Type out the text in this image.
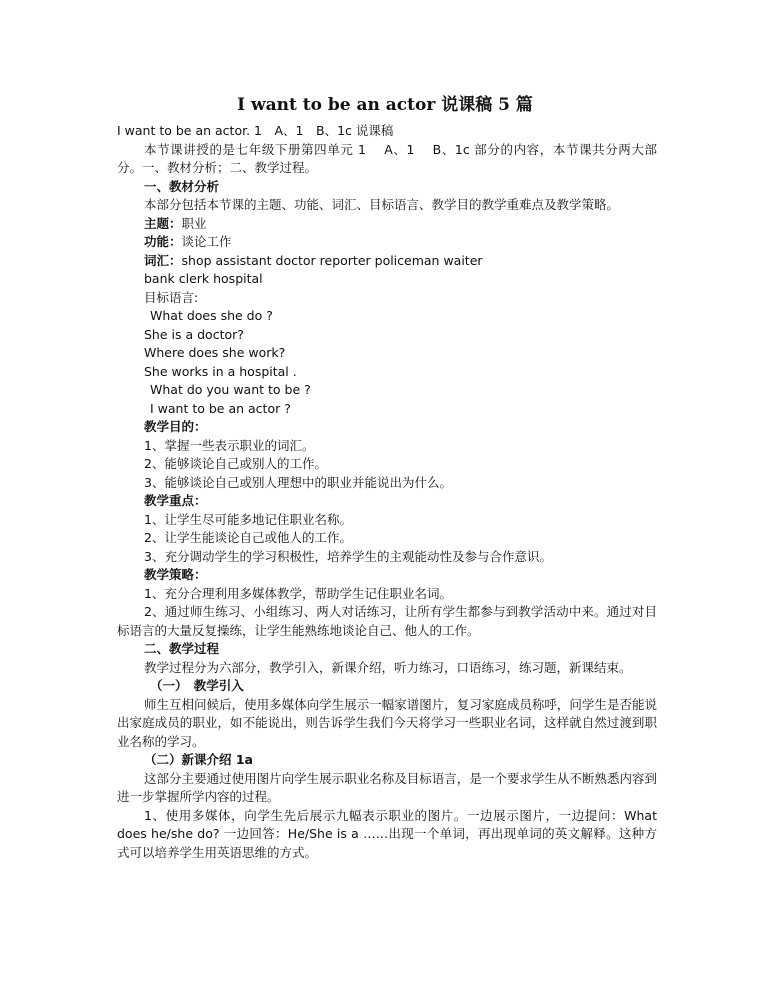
I want to be an actor 说课稿 5 篇

I want to be an actor. 1　A、1　B、1c 说课稿

本节课讲授的是七年级下册第四单元 1　 A、1　 B、1c 部分的内容，本节课共分两大部分。一、教材分析；二、教学过程。

一、教材分析

本部分包括本节课的主题、功能、词汇、目标语言、教学目的教学重难点及教学策略。

主题：职业

功能：谈论工作

词汇：shop assistant doctor reporter policeman waiter

bank clerk hospital

目标语言:

What does she do ?

She is a doctor?

Where does she work?

She works in a hospital .

What do you want to be ?

I want to be an actor ?

教学目的：

1、掌握一些表示职业的词汇。

2、能够谈论自己或别人的工作。

3、能够谈论自己或别人理想中的职业并能说出为什么。

教学重点：

1、让学生尽可能多地记住职业名称。

2、让学生能谈论自己或他人的工作。

3、充分调动学生的学习积极性，培养学生的主观能动性及参与合作意识。

教学策略：

1、充分合理利用多媒体教学，帮助学生记住职业名词。

2、通过师生练习、小组练习、两人对话练习，让所有学生都参与到教学活动中来。通过对目标语言的大量反复操练，让学生能熟练地谈论自己、他人的工作。

二、教学过程

教学过程分为六部分，教学引入，新课介绍，听力练习，口语练习，练习题，新课结束。

（一）　教学引入

师生互相问候后，使用多媒体向学生展示一幅家谱图片，复习家庭成员称呼，问学生是否能说出家庭成员的职业，如不能说出，则告诉学生我们今天将学习一些职业名词，这样就自然过渡到职业名称的学习。

（二）新课介绍 1a

这部分主要通过使用图片向学生展示职业名称及目标语言，是一个要求学生从不断熟悉内容到进一步掌握所学内容的过程。

1、使用多媒体，向学生先后展示九幅表示职业的图片。一边展示图片，一边提问：What does he/she do? 一边回答：He/She is a ……出现一个单词，再出现单词的英文解释。这种方式可以培养学生用英语思维的方式。
